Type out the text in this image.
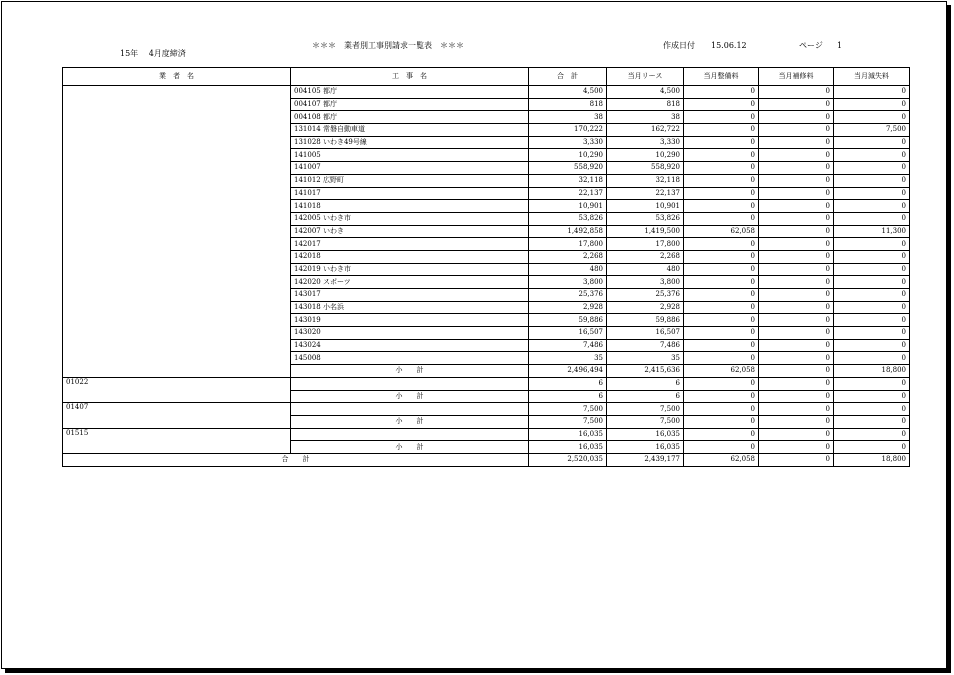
15年　 4月度締済
＊＊＊　業者別工事別請求一覧表　＊＊＊	作成日付 15.06.12	ページ 1
業　者　名	工　事　名	合　計	当月リース	当月整備料	当月補修料	当月減失料
	004105 都庁	4,500	4,500	0	0	0
	004107 都庁	818	818	0	0	0
	004108 都庁	38	38	0	0	0
	131014 常磐自動車道	170,222	162,722	0	0	7,500
	131028 いわき49号線	3,330	3,330	0	0	0
	141005	10,290	10,290	0	0	0
	141007	558,920	558,920	0	0	0
	141012 広野町	32,118	32,118	0	0	0
	141017	22,137	22,137	0	0	0
	141018	10,901	10,901	0	0	0
	142005 いわき市	53,826	53,826	0	0	0
	142007 いわき	1,492,858	1,419,500	62,058	0	11,300
	142017	17,800	17,800	0	0	0
	142018	2,268	2,268	0	0	0
	142019 いわき市	480	480	0	0	0
	142020 スポーツ	3,800	3,800	0	0	0
	143017	25,376	25,376	0	0	0
	143018 小名浜	2,928	2,928	0	0	0
	143019	59,886	59,886	0	0	0
	143020	16,507	16,507	0	0	0
	143024	7,486	7,486	0	0	0
	145008	35	35	0	0	0
	小　　計	2,496,494	2,415,636	62,058	0	18,800
01022		6	6	0	0	0
	小　　計	6	6	0	0	0
01407		7,500	7,500	0	0	0
	小　　計	7,500	7,500	0	0	0
01515		16,035	16,035	0	0	0
	小　　計	16,035	16,035	0	0	0
合　　計		2,520,035	2,439,177	62,058	0	18,800
